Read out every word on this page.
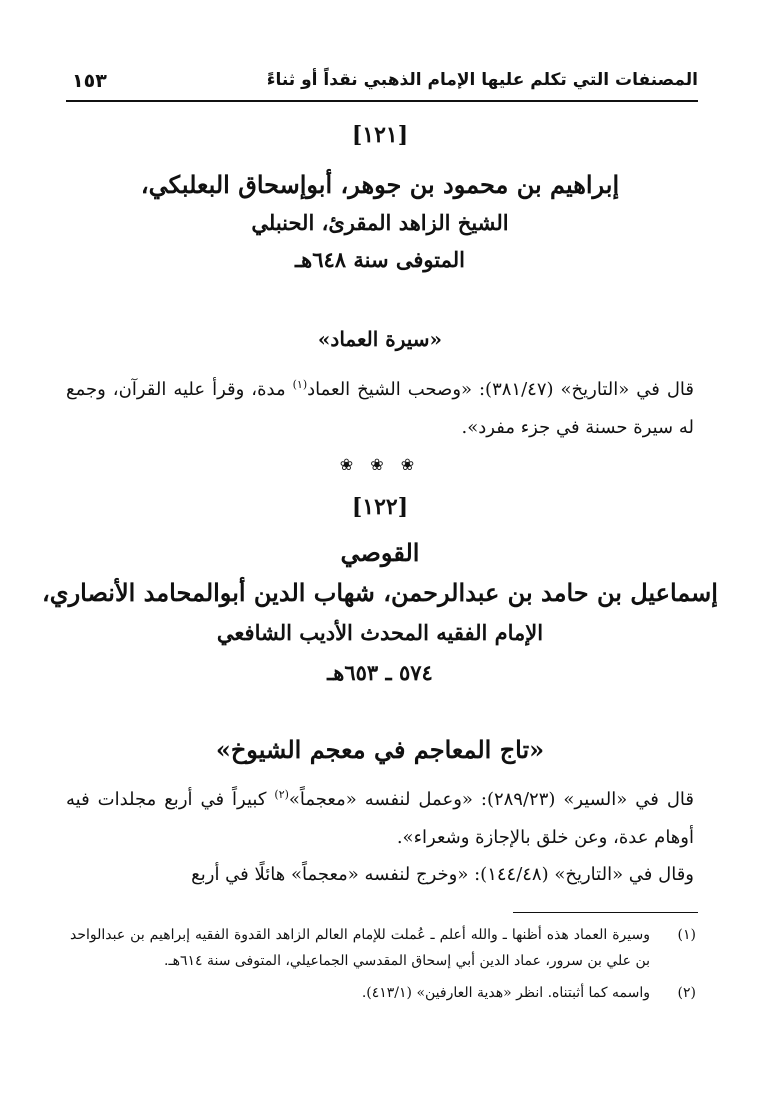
المصنفات التي تكلم عليها الإمام الذهبي نقداً أو ثناءً
١٥٣
[١٢١]
إبراهيم بن محمود بن جوهر، أبوإسحاق البعلبكي،
الشيخ الزاهد المقرئ، الحنبلي
المتوفى سنة ٦٤٨هـ
«سيرة العماد»

قال في «التاريخ» (٣٨١/٤٧): «وصحب الشيخ العماد$^{(١)}$ مدة، وقرأ عليه القرآن، وجمع له سيرة حسنة في جزء مفرد».

❀ ❀ ❀
[١٢٢]
القوصي
إسماعيل بن حامد بن عبدالرحمن، شهاب الدين أبوالمحامد الأنصاري،
الإمام الفقيه المحدث الأديب الشافعي
٥٧٤ ـ ٦٥٣هـ
«تاج المعاجم في معجم الشيوخ»

قال في «السير» (٢٨٩/٢٣): «وعمل لنفسه «معجماً»$^{(٢)}$ كبيراً في أربع مجلدات فيه أوهام عدة، وعن خلق بالإجازة وشعراء».

وقال في «التاريخ» (١٤٤/٤٨): «وخرج لنفسه «معجماً» هائلًا في أربع

(١)
وسيرة العماد هذه أظنها ـ والله أعلم ـ عُملت للإمام العالم الزاهد القدوة الفقيه إبراهيم بن عبدالواحد بن علي بن سرور، عماد الدين أبي إسحاق المقدسي الجماعيلي، المتوفى سنة ٦١٤هـ.
(٢)
واسمه كما أثبتناه. انظر «هدية العارفين» (٤١٣/١).
